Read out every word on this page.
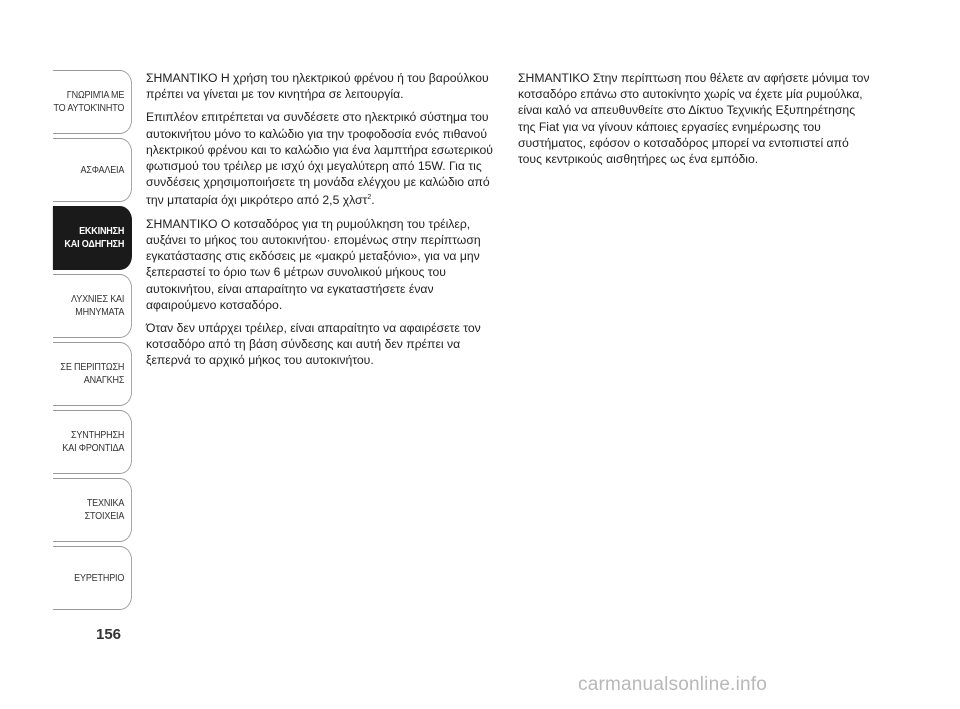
ΓΝΩΡΙΜΊΑ ΜΕ
ΤΟ ΑΥΤΟΚΊΝΗΤΟ
ΑΣΦΑΛΕΙΑ
ΕΚΚΙΝΗΣΗ
ΚΑΙ ΟΔΗΓΗΣΗ
ΛΥΧΝΙΕΣ ΚΑΙ
ΜΗΝΥΜΑΤΑ
ΣΕ ΠΕΡΙΠΤΩΣΗ
ΑΝΑΓΚΗΣ
ΣΥΝΤΗΡΗΣΗ
ΚΑΙ ΦΡΟΝΤΙΔΑ
ΤΕΧΝΙΚΑ
ΣΤΟΙΧΕΙΑ
ΕΥΡΕΤΗΡΙΟ
156

ΣΗΜΑΝΤΙΚΟ Η χρήση του ηλεκτρικού φρένου ή του βαρούλκου πρέπει να γίνεται με τον κινητήρα σε λειτουργία.

Επιπλέον επιτρέπεται να συνδέσετε στο ηλεκτρικό σύστημα του αυτοκινήτου μόνο το καλώδιο για την τροφοδοσία ενός πιθανού ηλεκτρικού φρένου και το καλώδιο για ένα λαμπτήρα εσωτερικού φωτισμού του τρέιλερ με ισχύ όχι μεγαλύτερη από 15W. Για τις συνδέσεις χρησιμοποιήσετε τη μονάδα ελέγχου με καλώδιο από την μπαταρία όχι μικρότερο από 2,5 χλστ$^2$.

ΣΗΜΑΝΤΙΚΟ Ο κοτσαδόρος για τη ρυμούλκηση του τρέιλερ, αυξάνει το μήκος του αυτοκινήτου· επομένως στην περίπτωση εγκατάστασης στις εκδόσεις με «μακρύ μεταξόνιο», για να μην ξεπεραστεί το όριο των 6 μέτρων συνολικού μήκους του αυτοκινήτου, είναι απαραίτητο να εγκαταστήσετε έναν αφαιρούμενο κοτσαδόρο.

Όταν δεν υπάρχει τρέιλερ, είναι απαραίτητο να αφαιρέσετε τον κοτσαδόρο από τη βάση σύνδεσης και αυτή δεν πρέπει να ξεπερνά το αρχικό μήκος του αυτοκινήτου.

ΣΗΜΑΝΤΙΚΟ Στην περίπτωση που θέλετε αν αφήσετε μόνιμα τον κοτσαδόρο επάνω στο αυτοκίνητο χωρίς να έχετε μία ρυμούλκα, είναι καλό να απευθυνθείτε στο Δίκτυο Τεχνικής Εξυπηρέτησης της Fiat για να γίνουν κάποιες εργασίες ενημέρωσης του συστήματος, εφόσον ο κοτσαδόρος μπορεί να εντοπιστεί από τους κεντρικούς αισθητήρες ως ένα εμπόδιο.

carmanualsonline.info
